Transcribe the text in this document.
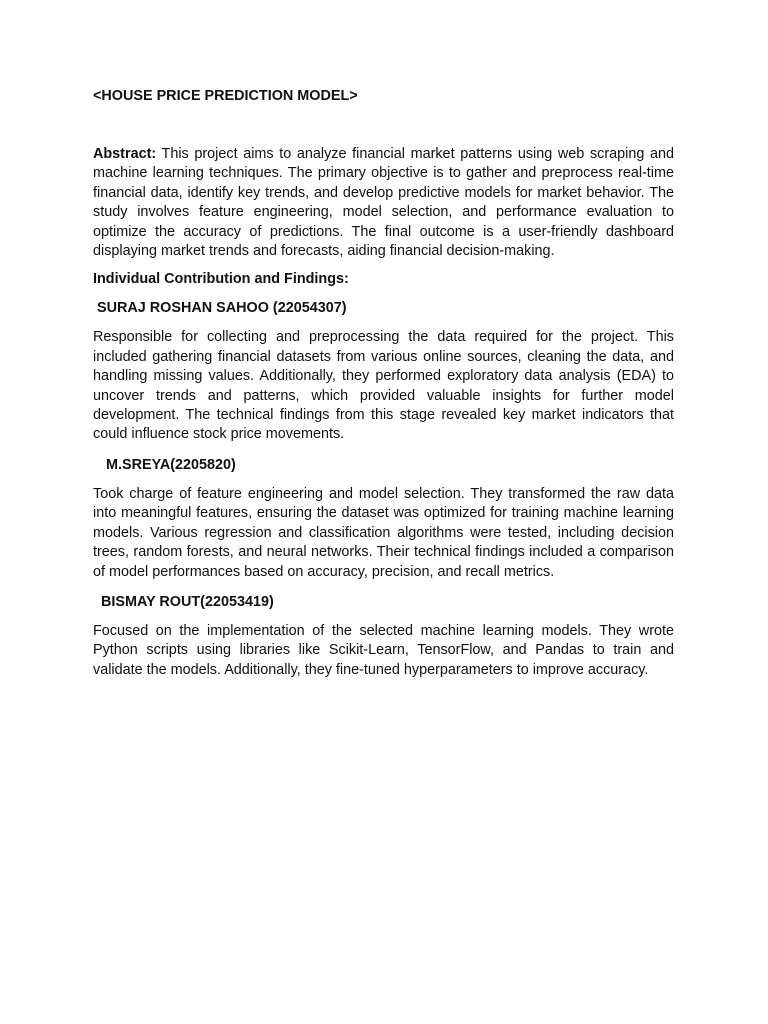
<HOUSE PRICE PREDICTION MODEL>

Abstract: This project aims to analyze financial market patterns using web scraping and machine learning techniques. The primary objective is to gather and preprocess real-time financial data, identify key trends, and develop predictive models for market behavior. The study involves feature engineering, model selection, and performance evaluation to optimize the accuracy of predictions. The final outcome is a user-friendly dashboard displaying market trends and forecasts, aiding financial decision-making.

Individual Contribution and Findings:

SURAJ ROSHAN SAHOO (22054307)

Responsible for collecting and preprocessing the data required for the project. This included gathering financial datasets from various online sources, cleaning the data, and handling missing values. Additionally, they performed exploratory data analysis (EDA) to uncover trends and patterns, which provided valuable insights for further model development. The technical findings from this stage revealed key market indicators that could influence stock price movements.

M.SREYA(2205820)

Took charge of feature engineering and model selection. They transformed the raw data into meaningful features, ensuring the dataset was optimized for training machine learning models. Various regression and classification algorithms were tested, including decision trees, random forests, and neural networks. Their technical findings included a comparison of model performances based on accuracy, precision, and recall metrics.

BISMAY ROUT(22053419)

Focused on the implementation of the selected machine learning models. They wrote Python scripts using libraries like Scikit-Learn, TensorFlow, and Pandas to train and validate the models. Additionally, they fine-tuned hyperparameters to improve accuracy.
